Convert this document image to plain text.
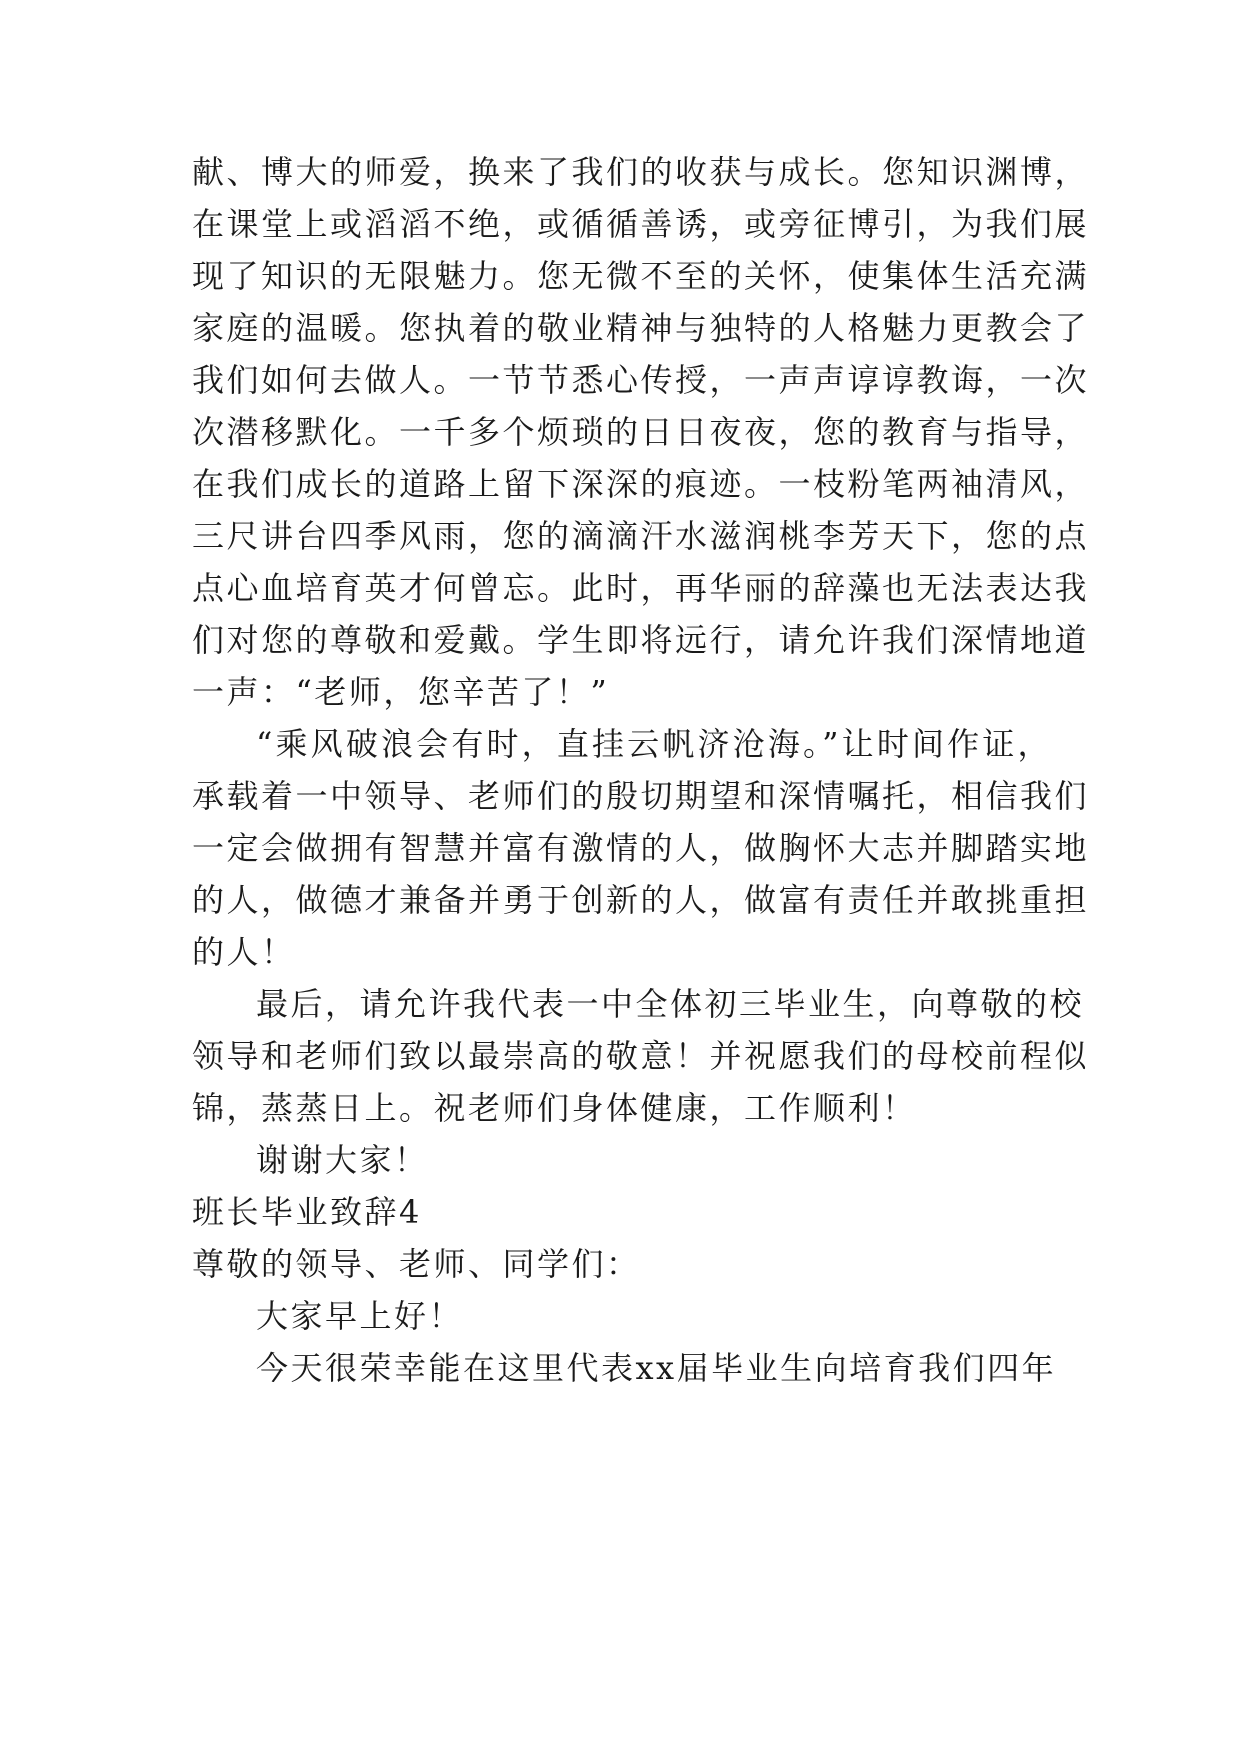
献、博大的师爱，换来了我们的收获与成长。您知识渊博，
在课堂上或滔滔不绝，或循循善诱，或旁征博引，为我们展
现了知识的无限魅力。您无微不至的关怀，使集体生活充满
家庭的温暖。您执着的敬业精神与独特的人格魅力更教会了
我们如何去做人。一节节悉心传授，一声声谆谆教诲，一次
次潜移默化。一千多个烦琐的日日夜夜，您的教育与指导，
在我们成长的道路上留下深深的痕迹。一枝粉笔两袖清风，
三尺讲台四季风雨，您的滴滴汗水滋润桃李芳天下，您的点
点心血培育英才何曾忘。此时，再华丽的辞藻也无法表达我
们对您的尊敬和爱戴。学生即将远行，请允许我们深情地道
一声：“老师，您辛苦了！”
“乘风破浪会有时，直挂云帆济沧海。”让时间作证，
承载着一中领导、老师们的殷切期望和深情嘱托，相信我们
一定会做拥有智慧并富有激情的人，做胸怀大志并脚踏实地
的人，做德才兼备并勇于创新的人，做富有责任并敢挑重担
的人！
最后，请允许我代表一中全体初三毕业生，向尊敬的校
领导和老师们致以最崇高的敬意！并祝愿我们的母校前程似
锦，蒸蒸日上。祝老师们身体健康，工作顺利！
谢谢大家！
班长毕业致辞4
尊敬的领导、老师、同学们：
大家早上好！
今天很荣幸能在这里代表xx届毕业生向培育我们四年
